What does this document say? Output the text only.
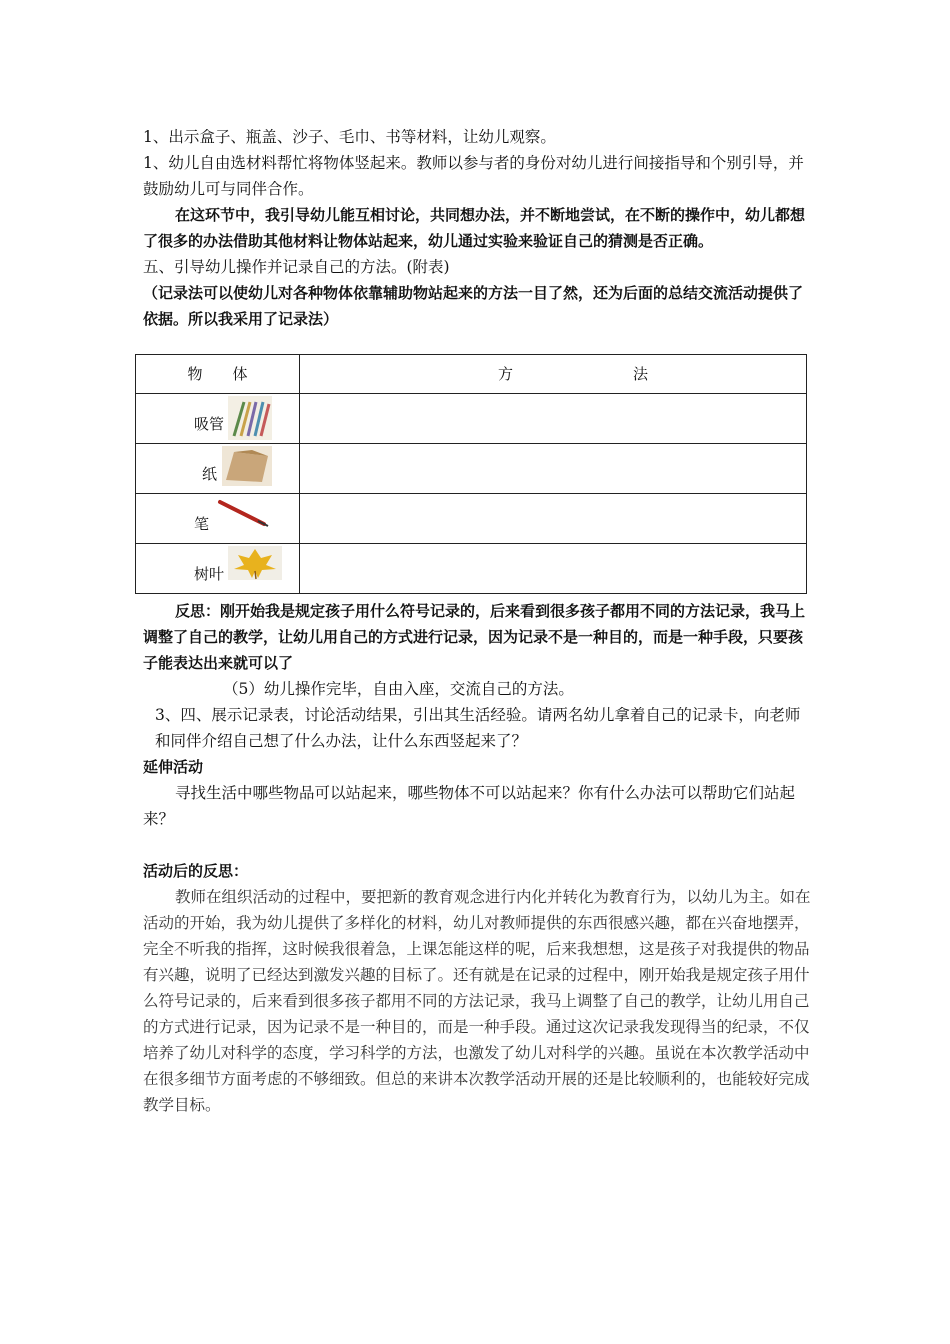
1、出示盒子、瓶盖、沙子、毛巾、书等材料，让幼儿观察。

1、幼儿自由选材料帮忙将物体竖起来。教师以参与者的身份对幼儿进行间接指导和个别引导，并鼓励幼儿可与同伴合作。

在这环节中，我引导幼儿能互相讨论，共同想办法，并不断地尝试，在不断的操作中，幼儿都想了很多的办法借助其他材料让物体站起来，幼儿通过实验来验证自己的猜测是否正确。

五、引导幼儿操作并记录自己的方法。(附表)

（记录法可以使幼儿对各种物体依靠辅助物站起来的方法一目了然，还为后面的总结交流活动提供了依据。所以我采用了记录法）

物 体	方 法

吸管	

纸	

笔	

树叶	

反思：刚开始我是规定孩子用什么符号记录的，后来看到很多孩子都用不同的方法记录，我马上调整了自己的教学，让幼儿用自己的方式进行记录，因为记录不是一种目的，而是一种手段，只要孩子能表达出来就可以了

（5）幼儿操作完毕，自由入座，交流自己的方法。

3、四、展示记录表，讨论活动结果，引出其生活经验。请两名幼儿拿着自己的记录卡，向老师和同伴介绍自己想了什么办法，让什么东西竖起来了？

延伸活动

寻找生活中哪些物品可以站起来，哪些物体不可以站起来？你有什么办法可以帮助它们站起来？

活动后的反思：

教师在组织活动的过程中，要把新的教育观念进行内化并转化为教育行为，以幼儿为主。如在活动的开始，我为幼儿提供了多样化的材料，幼儿对教师提供的东西很感兴趣，都在兴奋地摆弄，完全不听我的指挥，这时候我很着急，上课怎能这样的呢，后来我想想，这是孩子对我提供的物品有兴趣，说明了已经达到激发兴趣的目标了。还有就是在记录的过程中，刚开始我是规定孩子用什么符号记录的，后来看到很多孩子都用不同的方法记录，我马上调整了自己的教学，让幼儿用自己的方式进行记录，因为记录不是一种目的，而是一种手段。通过这次记录我发现得当的纪录，不仅培养了幼儿对科学的态度，学习科学的方法，也激发了幼儿对科学的兴趣。虽说在本次教学活动中在很多细节方面考虑的不够细致。但总的来讲本次教学活动开展的还是比较顺利的，也能较好完成教学目标。
